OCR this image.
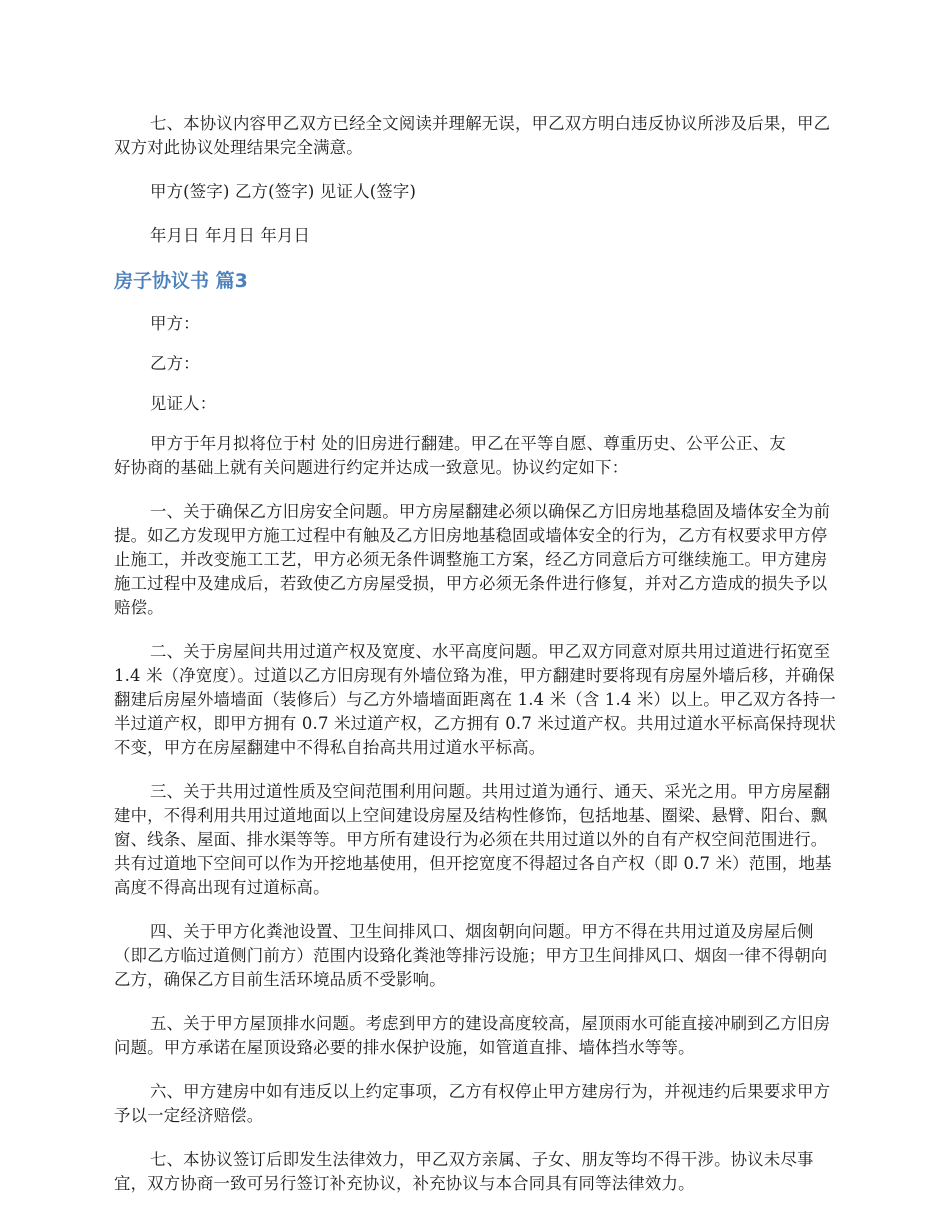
七、本协议内容甲乙双方已经全文阅读并理解无误，甲乙双方明白违反协议所涉及后果，甲乙双方对此协议处理结果完全满意。

甲方(签字) 乙方(签字) 见证人(签字)

年月日 年月日 年月日

房子协议书 篇3

甲方：

乙方：

见证人：

甲方于年月拟将位于村 处的旧房进行翻建。甲乙在平等自愿、尊重历史、公平公正、友好协商的基础上就有关问题进行约定并达成一致意见。协议约定如下：

一、关于确保乙方旧房安全问题。甲方房屋翻建必须以确保乙方旧房地基稳固及墙体安全为前提。如乙方发现甲方施工过程中有触及乙方旧房地基稳固或墙体安全的行为，乙方有权要求甲方停止施工，并改变施工工艺，甲方必须无条件调整施工方案，经乙方同意后方可继续施工。甲方建房施工过程中及建成后，若致使乙方房屋受损，甲方必须无条件进行修复，并对乙方造成的损失予以赔偿。

二、关于房屋间共用过道产权及宽度、水平高度问题。甲乙双方同意对原共用过道进行拓宽至 1.4 米（净宽度）。过道以乙方旧房现有外墙位臵为准，甲方翻建时要将现有房屋外墙后移，并确保翻建后房屋外墙墙面（装修后）与乙方外墙墙面距离在 1.4 米（含 1.4 米）以上。甲乙双方各持一半过道产权，即甲方拥有 0.7 米过道产权，乙方拥有 0.7 米过道产权。共用过道水平标高保持现状不变，甲方在房屋翻建中不得私自抬高共用过道水平标高。

三、关于共用过道性质及空间范围利用问题。共用过道为通行、通天、采光之用。甲方房屋翻建中，不得利用共用过道地面以上空间建设房屋及结构性修饰，包括地基、圈梁、悬臂、阳台、飘窗、线条、屋面、排水渠等等。甲方所有建设行为必须在共用过道以外的自有产权空间范围进行。共有过道地下空间可以作为开挖地基使用，但开挖宽度不得超过各自产权（即 0.7 米）范围，地基高度不得高出现有过道标高。

四、关于甲方化粪池设置、卫生间排风口、烟囱朝向问题。甲方不得在共用过道及房屋后侧（即乙方临过道侧门前方）范围内设臵化粪池等排污设施；甲方卫生间排风口、烟囱一律不得朝向乙方，确保乙方目前生活环境品质不受影响。

五、关于甲方屋顶排水问题。考虑到甲方的建设高度较高，屋顶雨水可能直接冲刷到乙方旧房问题。甲方承诺在屋顶设臵必要的排水保护设施，如管道直排、墙体挡水等等。

六、甲方建房中如有违反以上约定事项，乙方有权停止甲方建房行为，并视违约后果要求甲方予以一定经济赔偿。

七、本协议签订后即发生法律效力，甲乙双方亲属、子女、朋友等均不得干涉。协议未尽事宜，双方协商一致可另行签订补充协议，补充协议与本合同具有同等法律效力。
